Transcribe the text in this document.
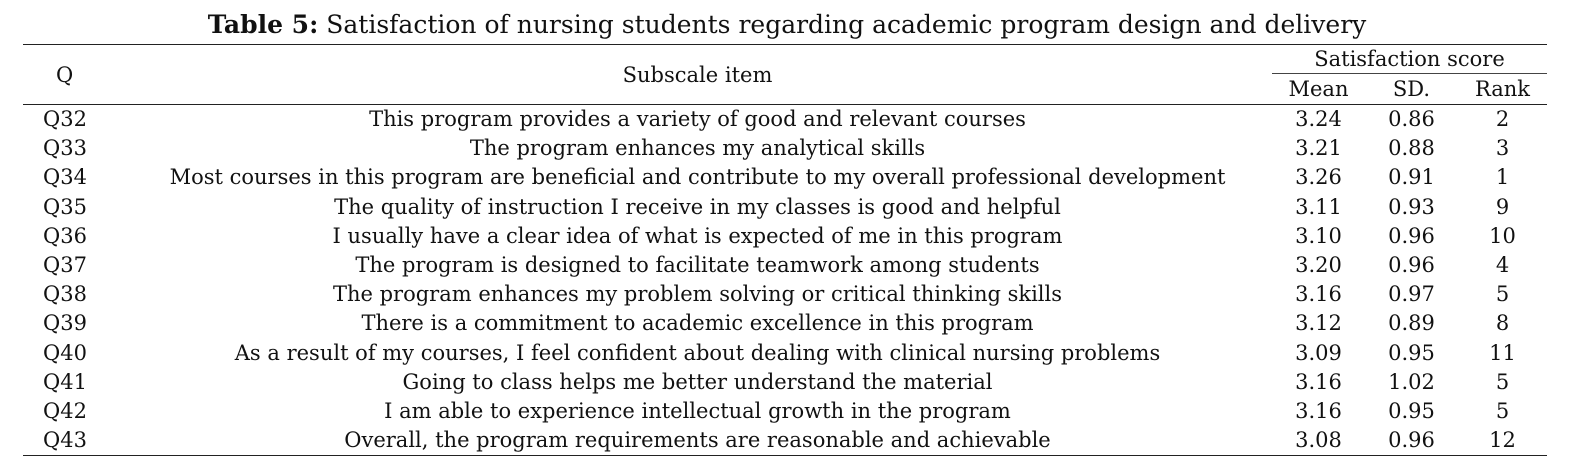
Table 5: Satisfaction of nursing students regarding academic program design and delivery
Q	Subscale item	Satisfaction score		
		Mean	SD.	Rank
Q32	This program provides a variety of good and relevant courses	3.24	0.86	2
Q33	The program enhances my analytical skills	3.21	0.88	3
Q34	Most courses in this program are beneficial and contribute to my overall professional development	3.26	0.91	1
Q35	The quality of instruction I receive in my classes is good and helpful	3.11	0.93	9
Q36	I usually have a clear idea of what is expected of me in this program	3.10	0.96	10
Q37	The program is designed to facilitate teamwork among students	3.20	0.96	4
Q38	The program enhances my problem solving or critical thinking skills	3.16	0.97	5
Q39	There is a commitment to academic excellence in this program	3.12	0.89	8
Q40	As a result of my courses, I feel confident about dealing with clinical nursing problems	3.09	0.95	11
Q41	Going to class helps me better understand the material	3.16	1.02	5
Q42	I am able to experience intellectual growth in the program	3.16	0.95	5
Q43	Overall, the program requirements are reasonable and achievable	3.08	0.96	12
